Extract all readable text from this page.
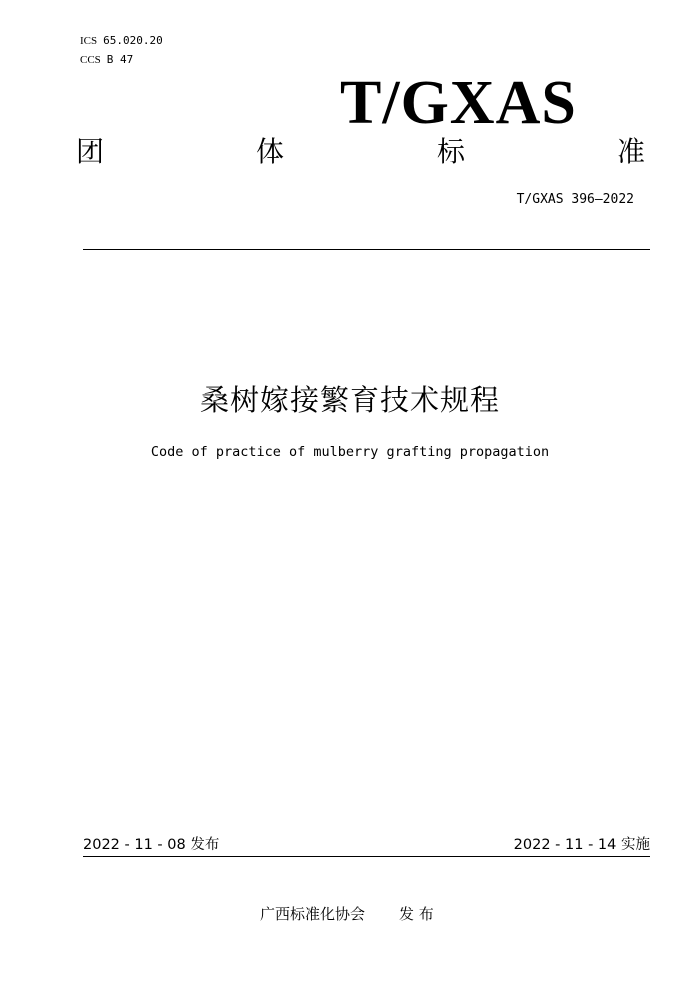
ICS 65.020.20
CCS B 47
T/GXAS
团	体	标	准
T/GXAS 396—2022
桑树嫁接繁育技术规程
Code of practice of mulberry grafting propagation
2022 - 11 - 08 发布	2022 - 11 - 14 实施
广西标准化协会 发 布
